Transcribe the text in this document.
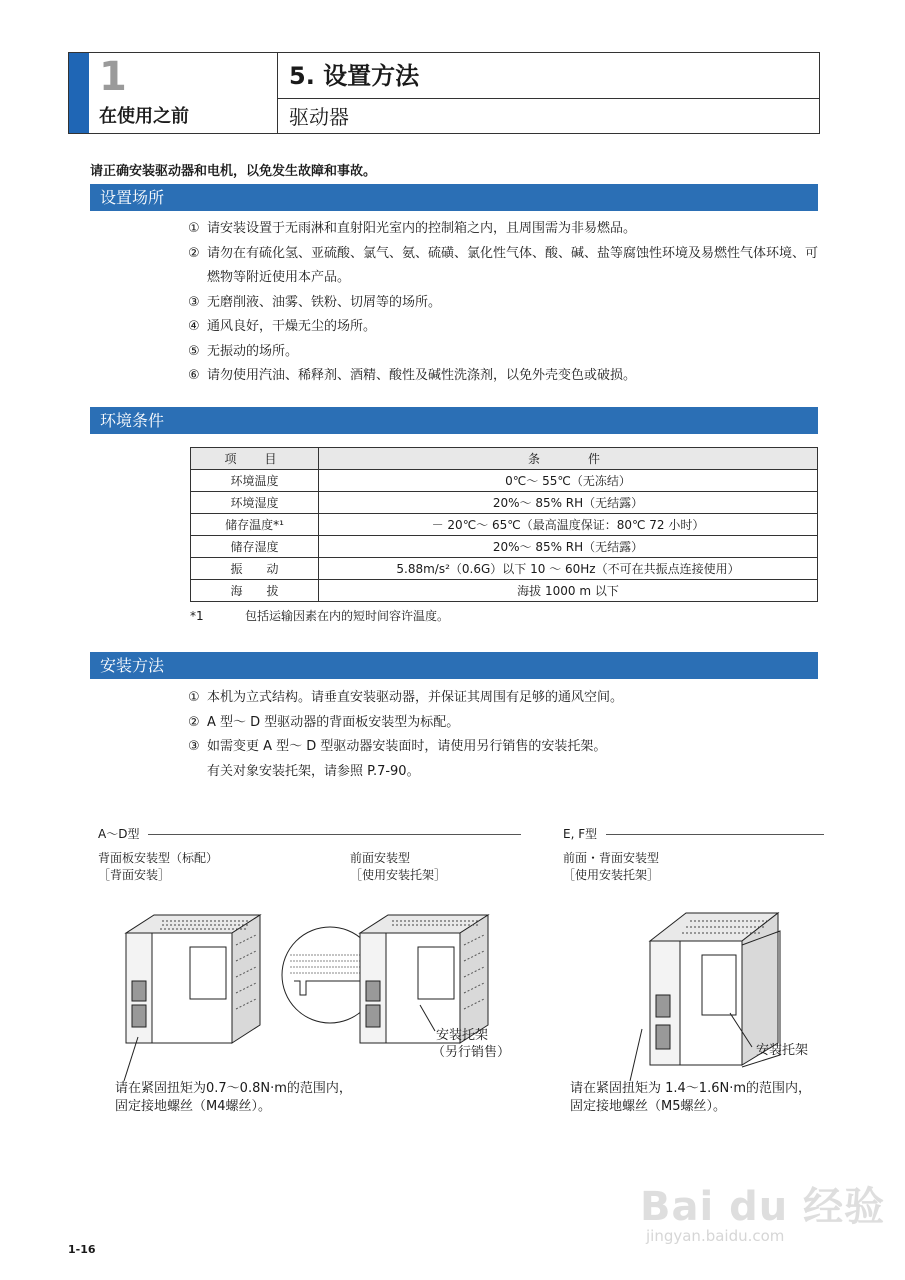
1
在使用之前
5. 设置方法
驱动器
请正确安装驱动器和电机，以免发生故障和事故。
设置场所
① 请安装设置于无雨淋和直射阳光室内的控制箱之内，且周围需为非易燃品。
② 请勿在有硫化氢、亚硫酸、氯气、氨、硫磺、氯化性气体、酸、碱、盐等腐蚀性环境及易燃性气体环境、可燃物等附近使用本产品。
③ 无磨削液、油雾、铁粉、切屑等的场所。
④ 通风良好，干燥无尘的场所。
⑤ 无振动的场所。
⑥ 请勿使用汽油、稀释剂、酒精、酸性及碱性洗涤剂，以免外壳变色或破损。
环境条件
项　目	条　　件
环境温度	0℃～ 55℃（无冻结）
环境湿度	20%～ 85% RH（无结露）
储存温度*¹	－ 20℃～ 65℃（最高温度保证：80℃ 72 小时）
储存湿度	20%～ 85% RH（无结露）
振　　动	5.88m/s²（0.6G）以下 10 ～ 60Hz（不可在共振点连接使用）
海　　拔	海拔 1000 m 以下
*1	包括运输因素在内的短时间容许温度。
安装方法
① 本机为立式结构。请垂直安装驱动器，并保证其周围有足够的通风空间。
② A 型～ D 型驱动器的背面板安装型为标配。
③ 如需变更 A 型～ D 型驱动器安装面时，请使用另行销售的安装托架。
有关对象安装托架，请参照 P.7-90。
A～D型	E, F型
背面板安装型（标配）
［背面安装］
前面安装型
［使用安装托架］
前面・背面安装型
［使用安装托架］
安装托架
（另行销售）	安装托架
请在紧固扭矩为0.7～0.8N·m的范围内，
固定接地螺丝（M4螺丝）。
请在紧固扭矩为 1.4～1.6N·m的范围内，
固定接地螺丝（M5螺丝）。
1-16
Bai du 经验
jingyan.baidu.com
